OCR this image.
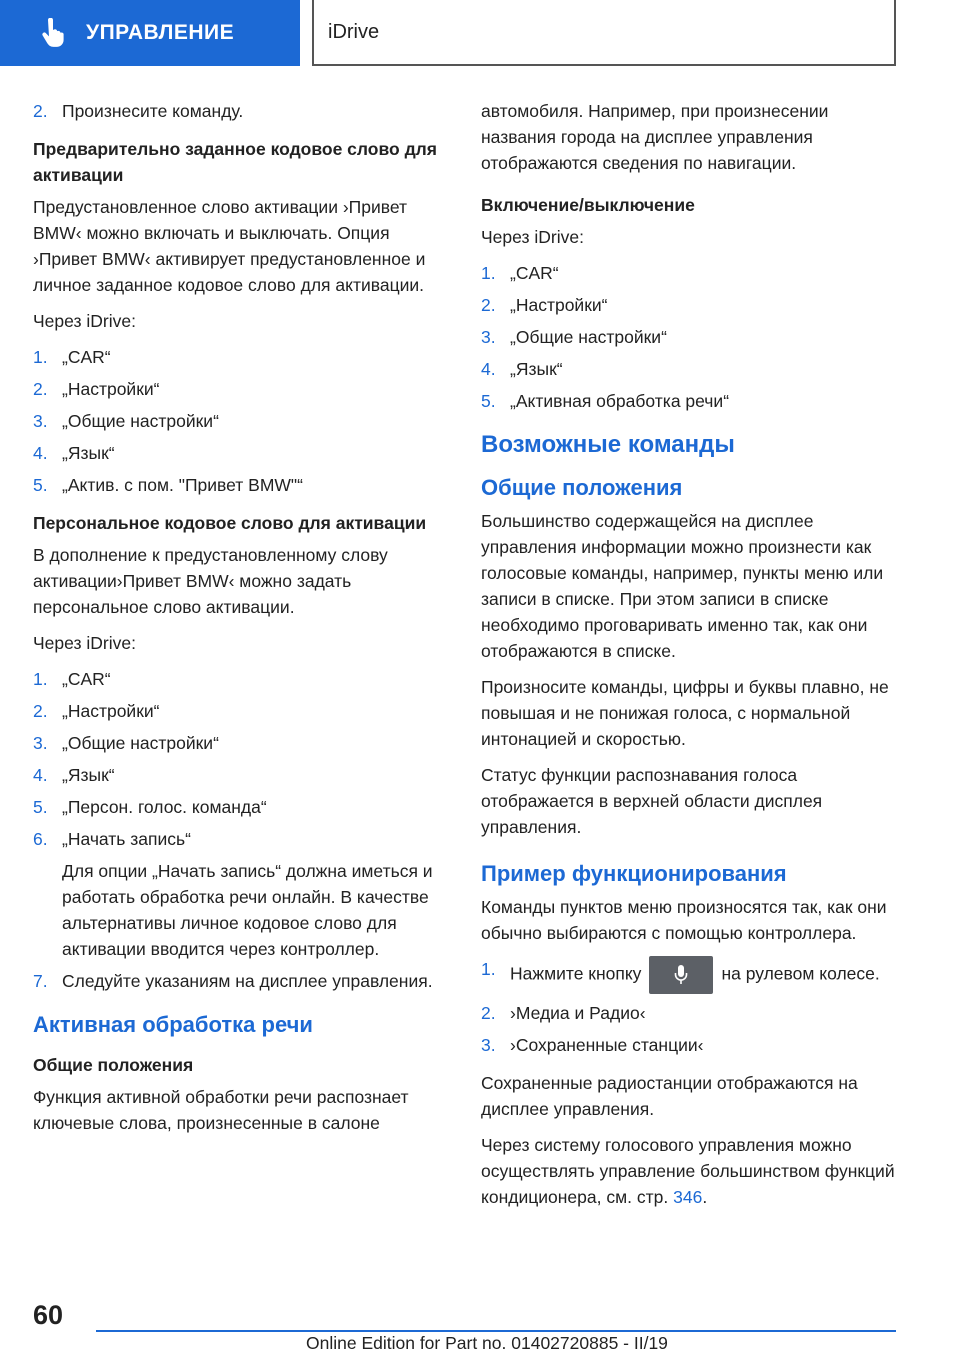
УПРАВЛЕНИЕ	iDrive
2. Произнесите команду.
Предварительно заданное кодовое слово для активации

Предустановленное слово активации ›Привет BMW‹ можно включать и выключать. Опция ›Привет BMW‹ активирует предустановленное и личное заданное кодовое слово для активации.

Через iDrive:

1. „CAR“
2. „Настройки“
3. „Общие настройки“
4. „Язык“
5. „Актив. с пом. "Привет BMW"“
Персональное кодовое слово для активации

В дополнение к предустановленному слову активации›Привет BMW‹ можно задать персональное слово активации.

Через iDrive:

1. „CAR“
2. „Настройки“
3. „Общие настройки“
4. „Язык“
5. „Персон. голос. команда“
6. „Начать запись“
Для опции „Начать запись“ должна иметься и работать обработка речи онлайн. В качестве альтернативы личное кодовое слово для активации вводится через контроллер.
7. Следуйте указаниям на дисплее управления.
Активная обработка речи
Общие положения

Функция активной обработки речи распознает ключевые слова, произнесенные в салоне

автомобиля. Например, при произнесении названия города на дисплее управления отображаются сведения по навигации.

Включение/выключение

Через iDrive:

1. „CAR“
2. „Настройки“
3. „Общие настройки“
4. „Язык“
5. „Активная обработка речи“
Возможные команды
Общие положения

Большинство содержащейся на дисплее управления информации можно произнести как голосовые команды, например, пункты меню или записи в списке. При этом записи в списке необходимо проговаривать именно так, как они отображаются в списке.

Произносите команды, цифры и буквы плавно, не повышая и не понижая голоса, с нормальной интонацией и скоростью.

Статус функции распознавания голоса отображается в верхней области дисплея управления.

Пример функционирования

Команды пунктов меню произносятся так, как они обычно выбираются с помощью контроллера.

1. Нажмите кнопку	на рулевом колесе.
2. ›Медиа и Радио‹
3. ›Сохраненные станции‹

Сохраненные радиостанции отображаются на дисплее управления.

Через систему голосового управления можно осуществлять управление большинством функций кондиционера, см. стр. 346.

60
Online Edition for Part no. 01402720885 - II/19
